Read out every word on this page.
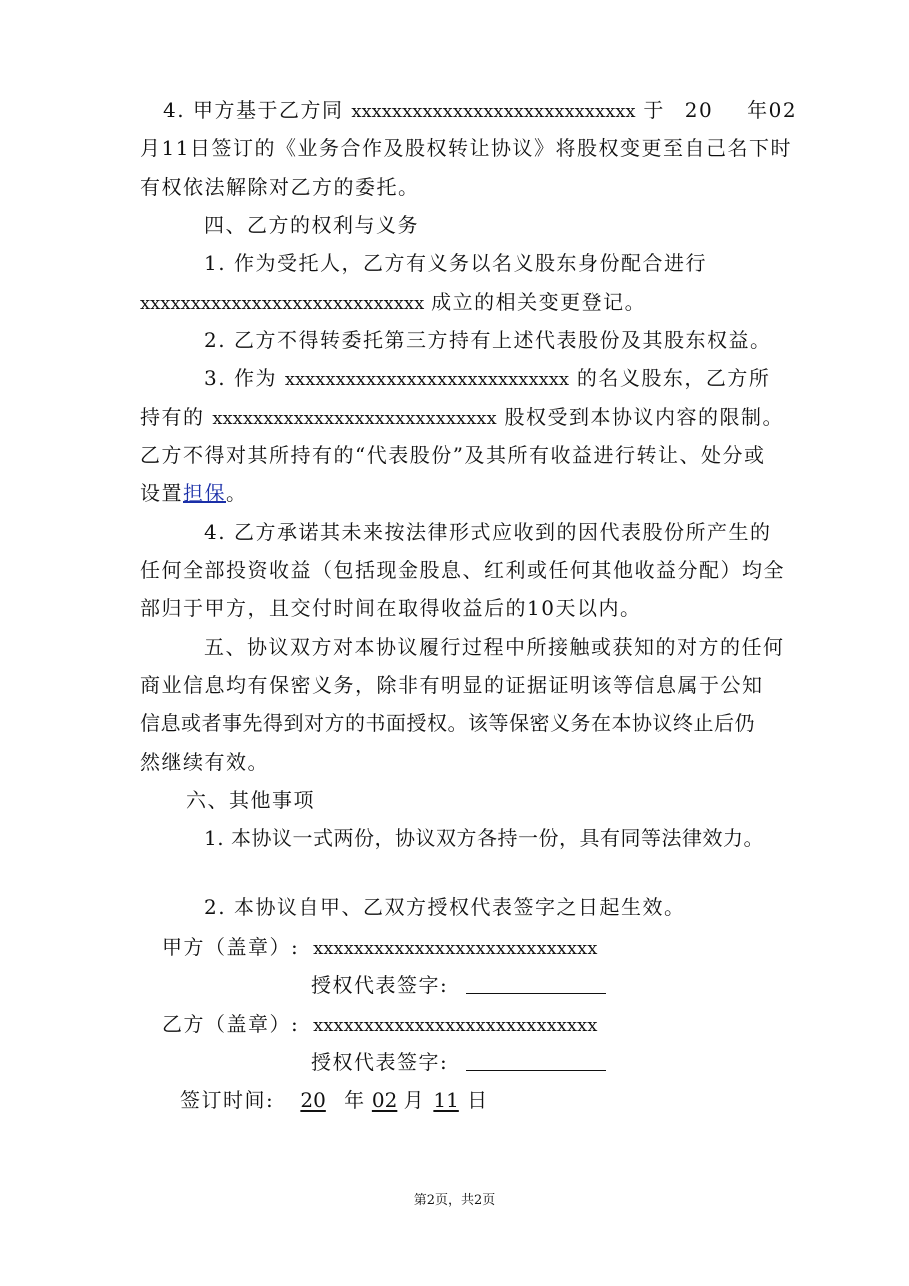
4. 甲方基于乙方同 xxxxxxxxxxxxxxxxxxxxxxxxxxxx 于 20 年02
月11日签订的《业务合作及股权转让协议》将股权变更至自己名下时
有权依法解除对乙方的委托。
四、乙方的权利与义务
1. 作为受托人，乙方有义务以名义股东身份配合进行
xxxxxxxxxxxxxxxxxxxxxxxxxxxx 成立的相关变更登记。
2. 乙方不得转委托第三方持有上述代表股份及其股东权益。
3. 作为 xxxxxxxxxxxxxxxxxxxxxxxxxxxx 的名义股东，乙方所
持有的 xxxxxxxxxxxxxxxxxxxxxxxxxxxx 股权受到本协议内容的限制。
乙方不得对其所持有的“代表股份”及其所有收益进行转让、处分或
设置担保。
4. 乙方承诺其未来按法律形式应收到的因代表股份所产生的
任何全部投资收益（包括现金股息、红利或任何其他收益分配）均全
部归于甲方，且交付时间在取得收益后的10天以内。
五、协议双方对本协议履行过程中所接触或获知的对方的任何
商业信息均有保密义务，除非有明显的证据证明该等信息属于公知
信息或者事先得到对方的书面授权。该等保密义务在本协议终止后仍
然继续有效。
六、其他事项
1. 本协议一式两份，协议双方各持一份，具有同等法律效力。
2. 本协议自甲、乙双方授权代表签字之日起生效。
甲方（盖章）: xxxxxxxxxxxxxxxxxxxxxxxxxxxx
授权代表签字:
乙方（盖章）: xxxxxxxxxxxxxxxxxxxxxxxxxxxx
授权代表签字:
签订时间: 20 年 02 月 11 日
第2页，共2页
